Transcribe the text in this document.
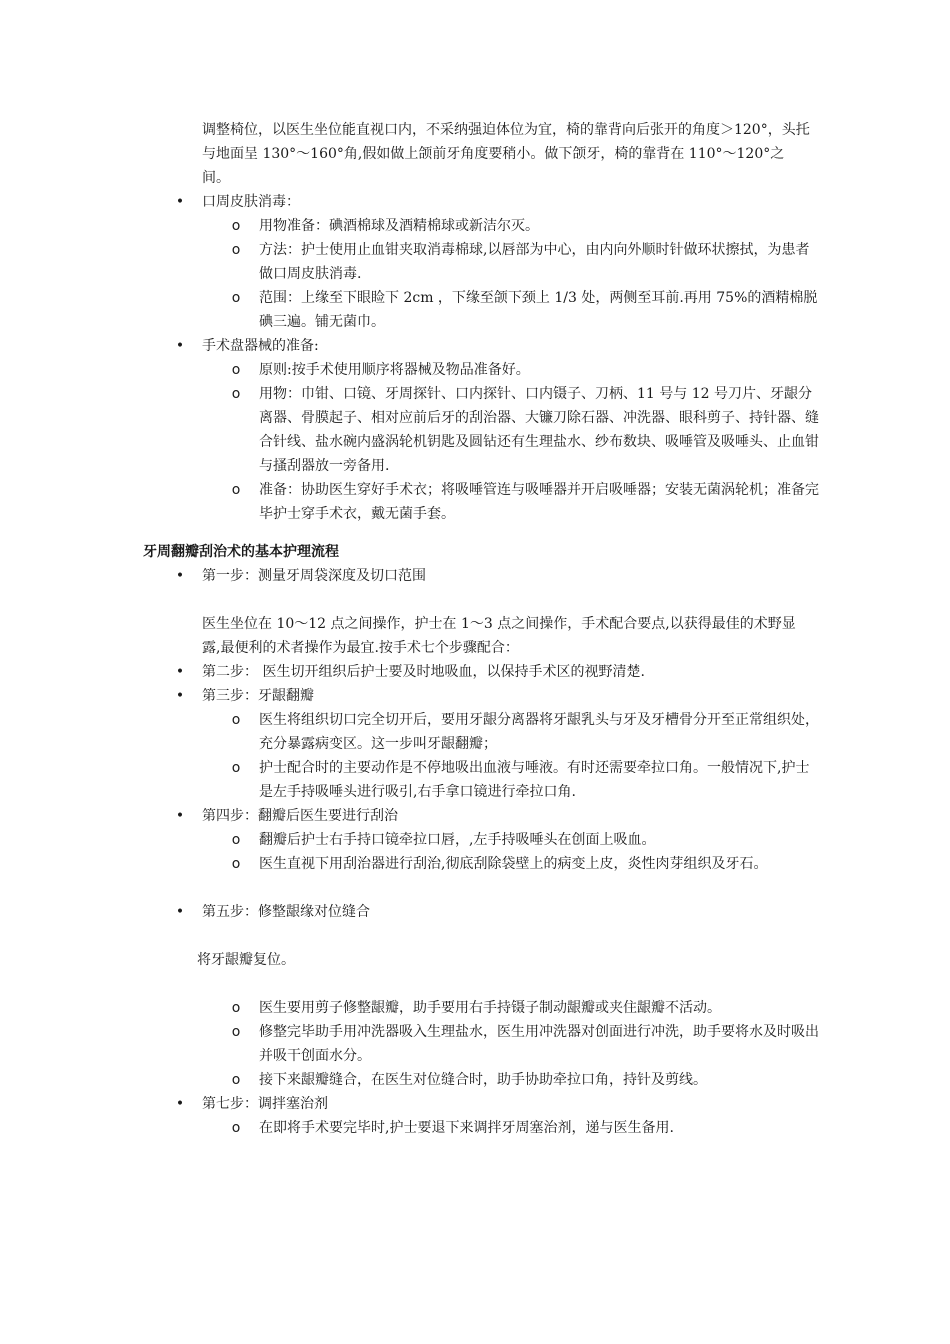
调整椅位，以医生坐位能直视口内，不采纳强迫体位为宜，椅的靠背向后张开的角度＞120°，头托与地面呈 130°～160°角,假如做上颌前牙角度要稍小。做下颌牙，椅的靠背在 110°～120°之间。

• 口周皮肤消毒：
o 用物准备：碘酒棉球及酒精棉球或新洁尔灭。
o 方法：护士使用止血钳夹取消毒棉球,以唇部为中心，由内向外顺时针做环状擦拭，为患者做口周皮肤消毒.
o 范围：上缘至下眼睑下 2cm ，下缘至颌下颈上 1/3 处，两侧至耳前.再用 75%的酒精棉脱碘三遍。铺无菌巾。
• 手术盘器械的准备:
o 原则:按手术使用顺序将器械及物品准备好。
o 用物：巾钳、口镜、牙周探针、口内探针、口内镊子、刀柄、11 号与 12 号刀片、牙龈分离器、骨膜起子、相对应前后牙的刮治器、大镰刀除石器、冲洗器、眼科剪子、持针器、缝合针线、盐水碗内盛涡轮机钥匙及圆钻还有生理盐水、纱布数块、吸唾管及吸唾头、止血钳与搔刮器放一旁备用.
o 准备：协助医生穿好手术衣；将吸唾管连与吸唾器并开启吸唾器；安装无菌涡轮机；准备完毕护士穿手术衣，戴无菌手套。
牙周翻瓣刮治术的基本护理流程
• 第一步：测量牙周袋深度及切口范围

医生坐位在 10～12 点之间操作，护士在 1～3 点之间操作，手术配合要点,以获得最佳的术野显露,最便利的术者操作为最宜.按手术七个步骤配合：

• 第二步： 医生切开组织后护士要及时地吸血，以保持手术区的视野清楚.
• 第三步：牙龈翻瓣
o 医生将组织切口完全切开后，要用牙龈分离器将牙龈乳头与牙及牙槽骨分开至正常组织处，充分暴露病变区。这一步叫牙龈翻瓣；
o 护士配合时的主要动作是不停地吸出血液与唾液。有时还需要牵拉口角。一般情况下,护士是左手持吸唾头进行吸引,右手拿口镜进行牵拉口角.
• 第四步：翻瓣后医生要进行刮治
o 翻瓣后护士右手持口镜牵拉口唇，,左手持吸唾头在创面上吸血。
o 医生直视下用刮治器进行刮治,彻底刮除袋壁上的病变上皮，炎性肉芽组织及牙石。
• 第五步：修整龈缘对位缝合

将牙龈瓣复位。

o 医生要用剪子修整龈瓣，助手要用右手持镊子制动龈瓣或夹住龈瓣不活动。
o 修整完毕助手用冲洗器吸入生理盐水，医生用冲洗器对创面进行冲洗，助手要将水及时吸出并吸干创面水分。
o 接下来龈瓣缝合，在医生对位缝合时，助手协助牵拉口角，持针及剪线。
• 第七步：调拌塞治剂
o 在即将手术要完毕时,护士要退下来调拌牙周塞治剂，递与医生备用.
